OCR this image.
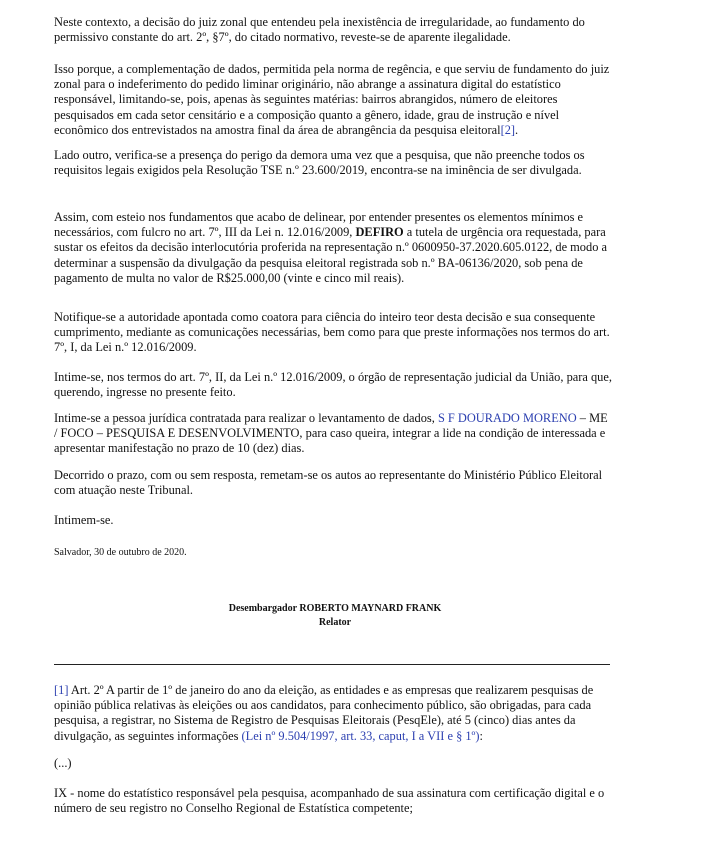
Neste contexto, a decisão do juiz zonal que entendeu pela inexistência de irregularidade, ao fundamento do permissivo constante do art. 2º, §7º, do citado normativo, reveste-se de aparente ilegalidade.

Isso porque, a complementação de dados, permitida pela norma de regência, e que serviu de fundamento do juiz zonal para o indeferimento do pedido liminar originário, não abrange a assinatura digital do estatístico responsável, limitando-se, pois, apenas às seguintes matérias: bairros abrangidos, número de eleitores pesquisados em cada setor censitário e a composição quanto a gênero, idade, grau de instrução e nível econômico dos entrevistados na amostra final da área de abrangência da pesquisa eleitoral[2].

Lado outro, verifica-se a presença do perigo da demora uma vez que a pesquisa, que não preenche todos os requisitos legais exigidos pela Resolução TSE n.º 23.600/2019, encontra-se na iminência de ser divulgada.

Assim, com esteio nos fundamentos que acabo de delinear, por entender presentes os elementos mínimos e necessários, com fulcro no art. 7º, III da Lei n. 12.016/2009, DEFIRO a tutela de urgência ora requestada, para sustar os efeitos da decisão interlocutória proferida na representação n.º 0600950-37.2020.605.0122, de modo a determinar a suspensão da divulgação da pesquisa eleitoral registrada sob n.º BA-06136/2020, sob pena de pagamento de multa no valor de R$25.000,00 (vinte e cinco mil reais).

Notifique-se a autoridade apontada como coatora para ciência do inteiro teor desta decisão e sua consequente cumprimento, mediante as comunicações necessárias, bem como para que preste informações nos termos do art. 7º, I, da Lei n.º 12.016/2009.

Intime-se, nos termos do art. 7º, II, da Lei n.º 12.016/2009, o órgão de representação judicial da União, para que, querendo, ingresse no presente feito.

Intime-se a pessoa jurídica contratada para realizar o levantamento de dados, S F DOURADO MORENO – ME / FOCO – PESQUISA E DESENVOLVIMENTO, para caso queira, integrar a lide na condição de interessada e apresentar manifestação no prazo de 10 (dez) dias.

Decorrido o prazo, com ou sem resposta, remetam-se os autos ao representante do Ministério Público Eleitoral com atuação neste Tribunal.

Intimem-se.

Salvador, 30 de outubro de 2020.

Desembargador ROBERTO MAYNARD FRANK
Relator

[1] Art. 2º A partir de 1º de janeiro do ano da eleição, as entidades e as empresas que realizarem pesquisas de opinião pública relativas às eleições ou aos candidatos, para conhecimento público, são obrigadas, para cada pesquisa, a registrar, no Sistema de Registro de Pesquisas Eleitorais (PesqEle), até 5 (cinco) dias antes da divulgação, as seguintes informações (Lei nº 9.504/1997, art. 33, caput, I a VII e § 1º):

(...)

IX - nome do estatístico responsável pela pesquisa, acompanhado de sua assinatura com certificação digital e o número de seu registro no Conselho Regional de Estatística competente;
